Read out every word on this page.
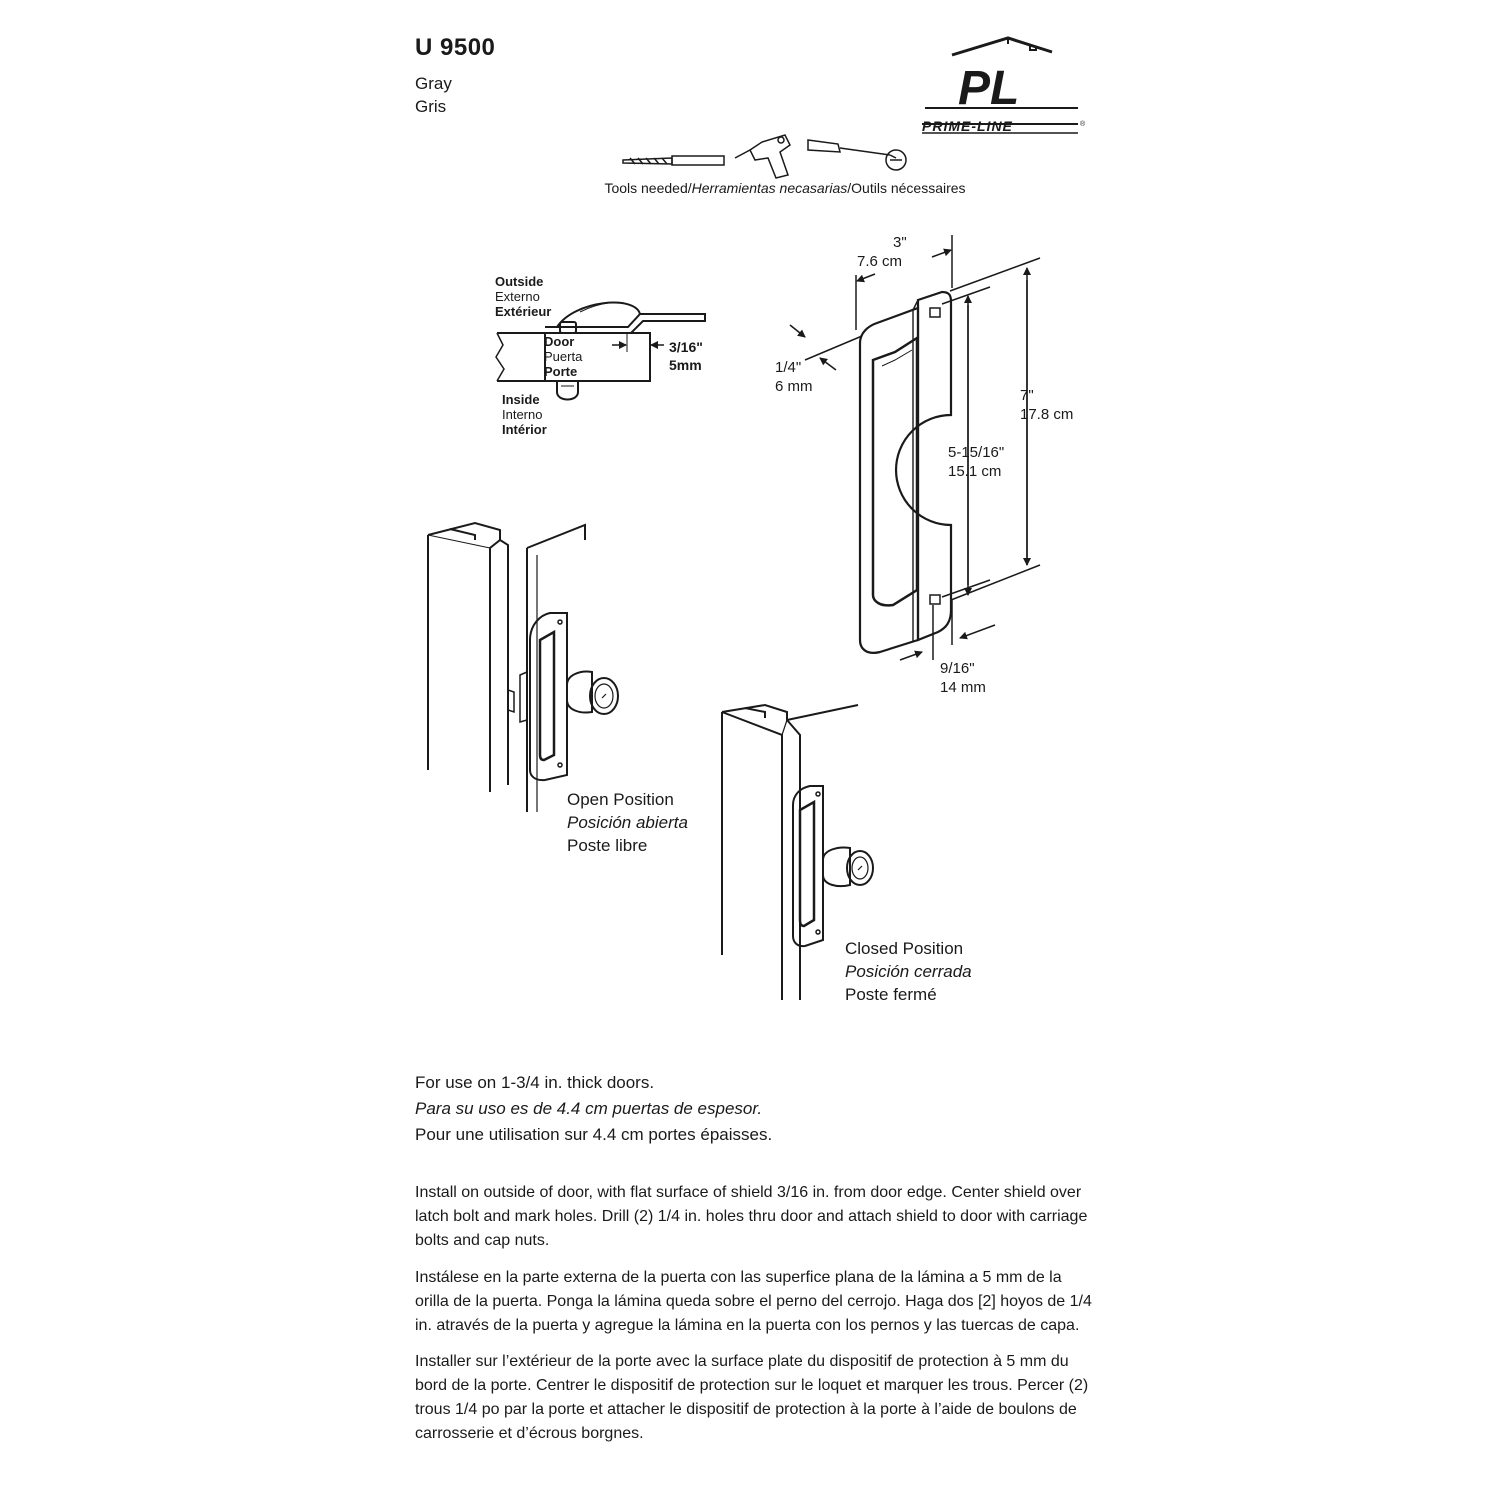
PL
PRIME-LINE	®
U 9500
Gray
Gris
Tools needed/Herramientas necasarias/Outils nécessaires
Outside
Externo
Extérieur
Door
Puerta
Porte
Inside
Interno
Intérior
3/16"
5mm
3"
7.6 cm
1/4"
6 mm
7"
17.8 cm
5-15/16"
15.1 cm
9/16"
14 mm
Open Position
Posición abierta
Poste libre
Closed Position
Posición cerrada
Poste fermé
For use on 1-3/4 in. thick doors.
Para su uso es de 4.4 cm puertas de espesor.
Pour une utilisation sur 4.4 cm portes épaisses.

Install on outside of door, with flat surface of shield 3/16 in. from door edge. Center shield over latch bolt and mark holes. Drill (2) 1/4 in. holes thru door and attach shield to door with carriage bolts and cap nuts.

Instálese en la parte externa de la puerta con las superfice plana de la lámina a 5 mm de la orilla de la puerta. Ponga la lámina queda sobre el perno del cerrojo. Haga dos [2] hoyos de 1/4 in. através de la puerta y agregue la lámina en la puerta con los pernos y las tuercas de capa.

Installer sur l’extérieur de la porte avec la surface plate du dispositif de protection à 5 mm du bord de la porte. Centrer le dispositif de protection sur le loquet et marquer les trous. Percer (2) trous 1/4 po par la porte et attacher le dispositif de protection à la porte à l’aide de boulons de carrosserie et d’écrous borgnes.
